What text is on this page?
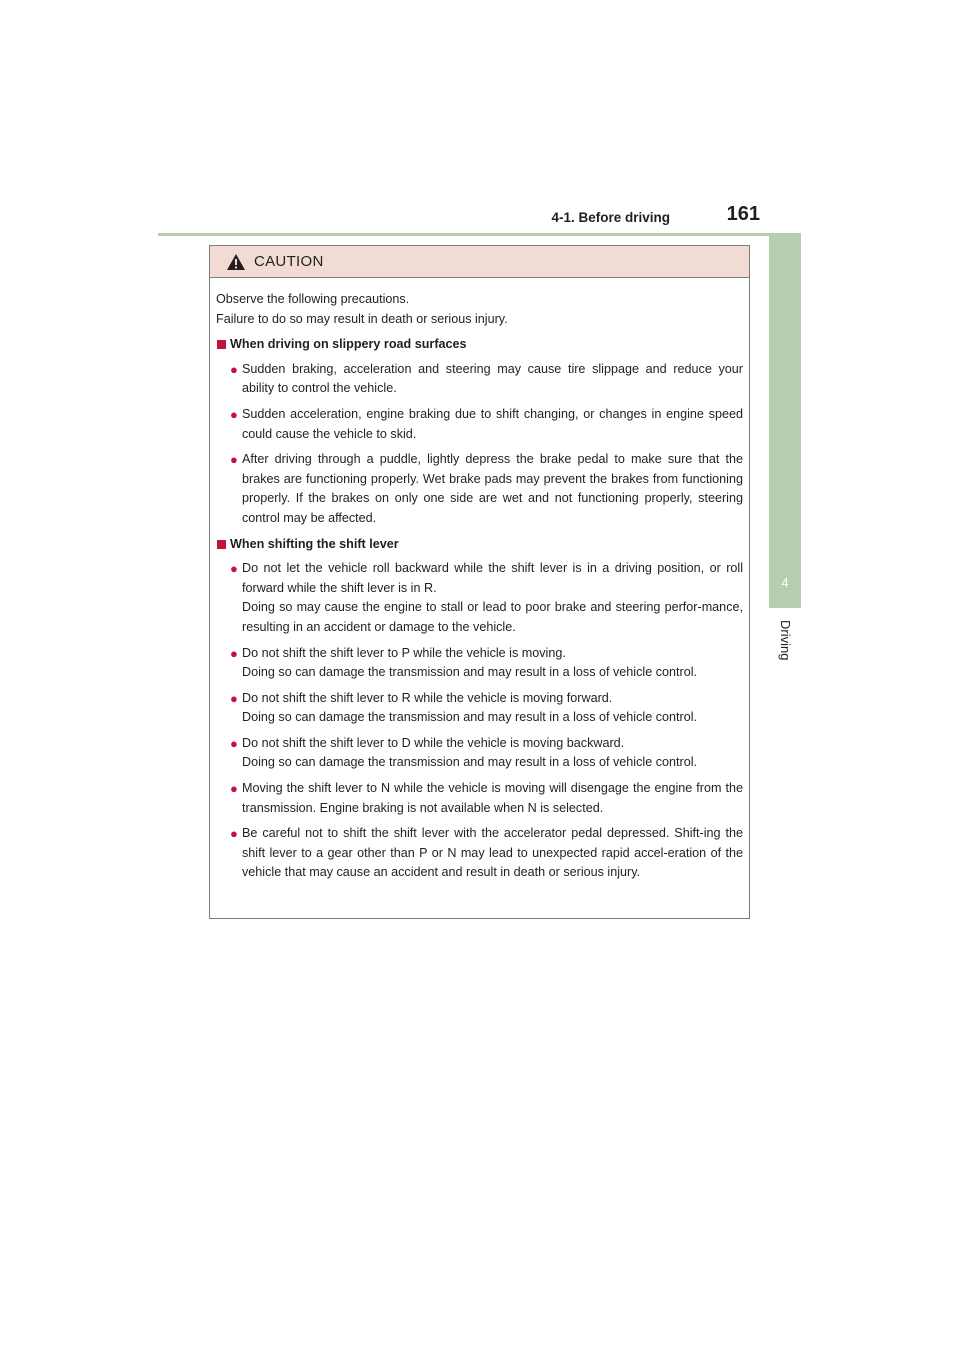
4-1. Before driving	161
4
Driving
CAUTION

Observe the following precautions.

Failure to do so may result in death or serious injury.

When driving on slippery road surfaces
● Sudden braking, acceleration and steering may cause tire slippage and reduce your ability to control the vehicle.

● Sudden acceleration, engine braking due to shift changing, or changes in engine speed could cause the vehicle to skid.

● After driving through a puddle, lightly depress the brake pedal to make sure that the brakes are functioning properly. Wet brake pads may prevent the brakes from functioning properly. If the brakes on only one side are wet and not functioning properly, steering control may be affected.

When shifting the shift lever
● Do not let the vehicle roll backward while the shift lever is in a driving position, or roll forward while the shift lever is in R.

Doing so may cause the engine to stall or lead to poor brake and steering perfor-mance, resulting in an accident or damage to the vehicle.

● Do not shift the shift lever to P while the vehicle is moving.

Doing so can damage the transmission and may result in a loss of vehicle control.

● Do not shift the shift lever to R while the vehicle is moving forward.

Doing so can damage the transmission and may result in a loss of vehicle control.

● Do not shift the shift lever to D while the vehicle is moving backward.

Doing so can damage the transmission and may result in a loss of vehicle control.

● Moving the shift lever to N while the vehicle is moving will disengage the engine from the transmission. Engine braking is not available when N is selected.

● Be careful not to shift the shift lever with the accelerator pedal depressed. Shift-ing the shift lever to a gear other than P or N may lead to unexpected rapid accel-eration of the vehicle that may cause an accident and result in death or serious injury.
